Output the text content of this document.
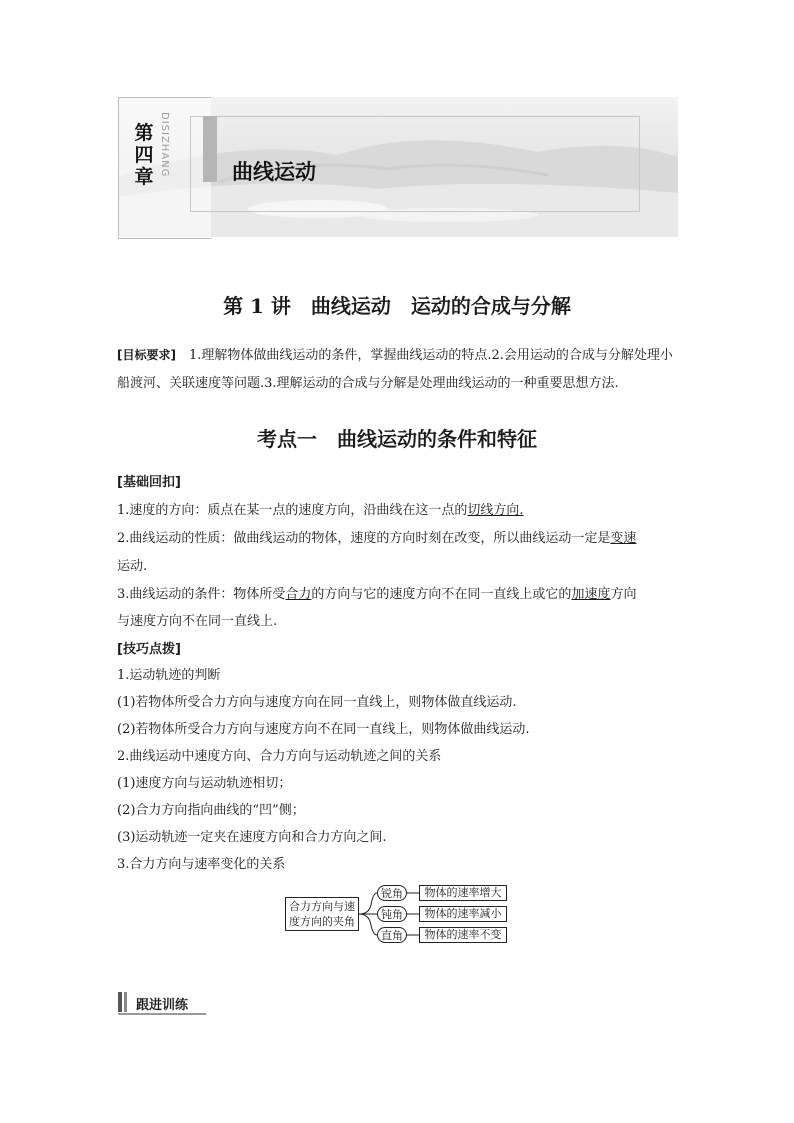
第
四
章 DISIZHANG	曲线运动
第 1 讲　曲线运动　运动的合成与分解
[目标要求]　1.理解物体做曲线运动的条件，掌握曲线运动的特点.2.会用运动的合成与分解处理小船渡河、关联速度等问题.3.理解运动的合成与分解是处理曲线运动的一种重要思想方法.
考点一　曲线运动的条件和特征
[基础回扣]
1.速度的方向：质点在某一点的速度方向，沿曲线在这一点的切线方向.
2.曲线运动的性质：做曲线运动的物体，速度的方向时刻在改变，所以曲线运动一定是变速
运动.
3.曲线运动的条件：物体所受合力的方向与它的速度方向不在同一直线上或它的加速度方向
与速度方向不在同一直线上.
[技巧点拨]
1.运动轨迹的判断
(1)若物体所受合力方向与速度方向在同一直线上，则物体做直线运动.
(2)若物体所受合力方向与速度方向不在同一直线上，则物体做曲线运动.
2.曲线运动中速度方向、合力方向与运动轨迹之间的关系
(1)速度方向与运动轨迹相切；
(2)合力方向指向曲线的“凹”侧；
(3)运动轨迹一定夹在速度方向和合力方向之间.
3.合力方向与速率变化的关系
合力方向与速
度方向的夹角
锐角
钝角
直角
物体的速率增大
物体的速率减小
物体的速率不变
跟进训练
